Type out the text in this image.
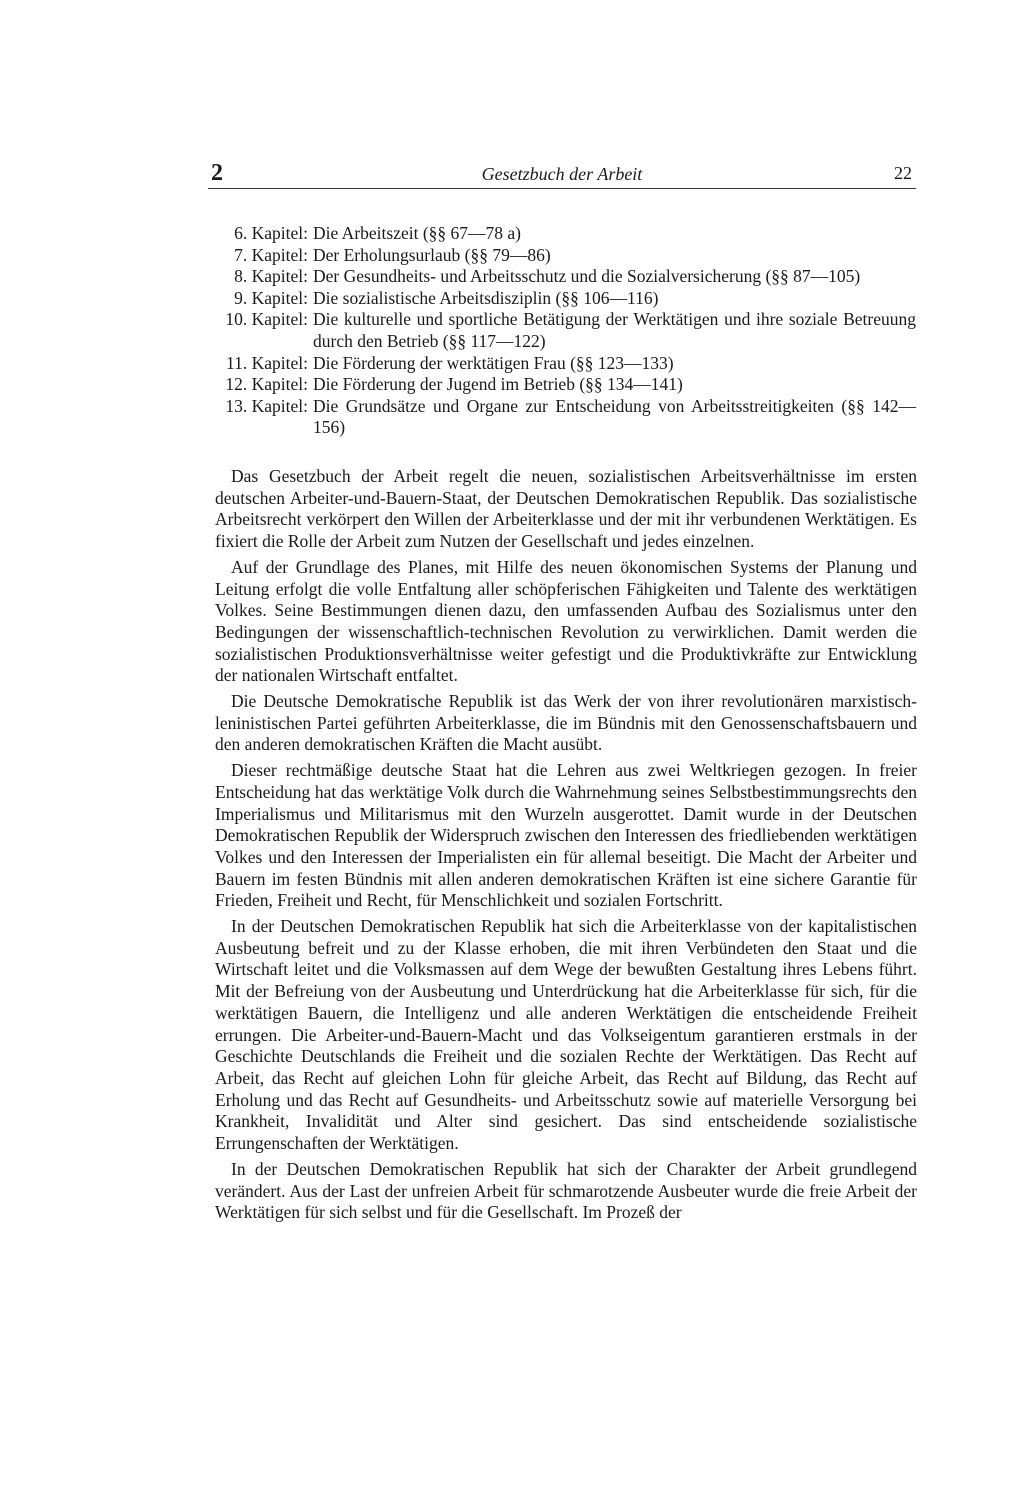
2	Gesetzbuch der Arbeit	22
6. Kapitel: Die Arbeitszeit (§§ 67—78 a)
7. Kapitel: Der Erholungsurlaub (§§ 79—86)
8. Kapitel: Der Gesundheits- und Arbeitsschutz und die Sozialversicherung (§§ 87—105)
9. Kapitel: Die sozialistische Arbeitsdisziplin (§§ 106—116)
10. Kapitel: Die kulturelle und sportliche Betätigung der Werktätigen und ihre soziale Betreuung durch den Betrieb (§§ 117—122)
11. Kapitel: Die Förderung der werktätigen Frau (§§ 123—133)
12. Kapitel: Die Förderung der Jugend im Betrieb (§§ 134—141)
13. Kapitel: Die Grundsätze und Organe zur Entscheidung von Arbeitsstreitigkeiten (§§ 142—156)

Das Gesetzbuch der Arbeit regelt die neuen, sozialistischen Arbeitsverhältnisse im ersten deutschen Arbeiter-und-Bauern-Staat, der Deutschen Demokratischen Republik. Das sozialistische Arbeitsrecht verkörpert den Willen der Arbeiterklasse und der mit ihr verbundenen Werktätigen. Es fixiert die Rolle der Arbeit zum Nutzen der Gesellschaft und jedes einzelnen.

Auf der Grundlage des Planes, mit Hilfe des neuen ökonomischen Systems der Planung und Leitung erfolgt die volle Entfaltung aller schöpferischen Fähigkeiten und Talente des werktätigen Volkes. Seine Bestimmungen dienen dazu, den umfassenden Aufbau des Sozialismus unter den Bedingungen der wissenschaftlich-technischen Revolution zu verwirklichen. Damit werden die sozialistischen Produktionsverhältnisse weiter gefestigt und die Produktivkräfte zur Entwicklung der nationalen Wirtschaft entfaltet.

Die Deutsche Demokratische Republik ist das Werk der von ihrer revolutionären marxistisch-leninistischen Partei geführten Arbeiterklasse, die im Bündnis mit den Genossenschaftsbauern und den anderen demokratischen Kräften die Macht ausübt.

Dieser rechtmäßige deutsche Staat hat die Lehren aus zwei Weltkriegen gezogen. In freier Entscheidung hat das werktätige Volk durch die Wahrnehmung seines Selbstbestimmungsrechts den Imperialismus und Militarismus mit den Wurzeln ausgerottet. Damit wurde in der Deutschen Demokratischen Republik der Widerspruch zwischen den Interessen des friedliebenden werktätigen Volkes und den Interessen der Imperialisten ein für allemal beseitigt. Die Macht der Arbeiter und Bauern im festen Bündnis mit allen anderen demokratischen Kräften ist eine sichere Garantie für Frieden, Freiheit und Recht, für Menschlichkeit und sozialen Fortschritt.

In der Deutschen Demokratischen Republik hat sich die Arbeiterklasse von der kapitalistischen Ausbeutung befreit und zu der Klasse erhoben, die mit ihren Verbündeten den Staat und die Wirtschaft leitet und die Volksmassen auf dem Wege der bewußten Gestaltung ihres Lebens führt. Mit der Befreiung von der Ausbeutung und Unterdrückung hat die Arbeiterklasse für sich, für die werktätigen Bauern, die Intelligenz und alle anderen Werktätigen die entscheidende Freiheit errungen. Die Arbeiter-und-Bauern-Macht und das Volkseigentum garantieren erstmals in der Geschichte Deutschlands die Freiheit und die sozialen Rechte der Werktätigen. Das Recht auf Arbeit, das Recht auf gleichen Lohn für gleiche Arbeit, das Recht auf Bildung, das Recht auf Erholung und das Recht auf Gesundheits- und Arbeitsschutz sowie auf materielle Versorgung bei Krankheit, Invalidität und Alter sind gesichert. Das sind entscheidende sozialistische Errungenschaften der Werktätigen.

In der Deutschen Demokratischen Republik hat sich der Charakter der Arbeit grundlegend verändert. Aus der Last der unfreien Arbeit für schmarotzende Ausbeuter wurde die freie Arbeit der Werktätigen für sich selbst und für die Gesellschaft. Im Prozeß der
